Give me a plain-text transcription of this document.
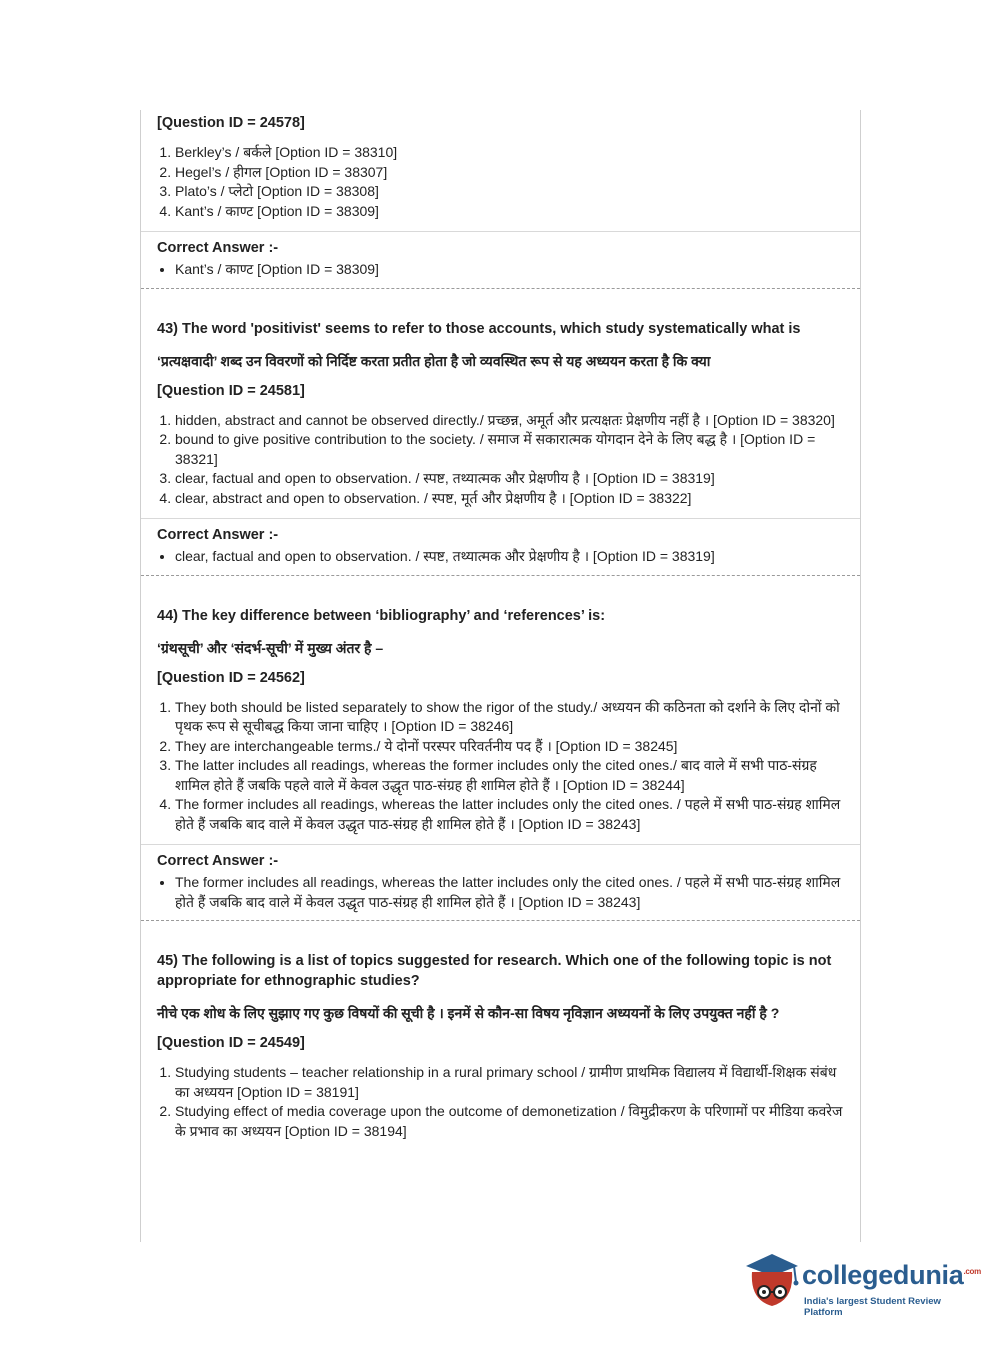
[Question ID = 24578]
1. Berkley’s / बर्कले [Option ID = 38310]
2. Hegel’s / हीगल [Option ID = 38307]
3. Plato’s / प्लेटो [Option ID = 38308]
4. Kant’s / काण्ट [Option ID = 38309]
Correct Answer :-
• Kant’s / काण्ट [Option ID = 38309]
43) The word 'positivist' seems to refer to those accounts, which study systematically what is
‘प्रत्यक्षवादी’ शब्द उन विवरणों को निर्दिष्ट करता प्रतीत होता है जो व्यवस्थित रूप से यह अध्ययन करता है कि क्या
[Question ID = 24581]
1. hidden, abstract and cannot be observed directly./ प्रच्छन्न, अमूर्त और प्रत्यक्षतः प्रेक्षणीय नहीं है । [Option ID = 38320]
2. bound to give positive contribution to the society. / समाज में सकारात्मक योगदान देने के लिए बद्ध है । [Option ID = 38321]
3. clear, factual and open to observation. / स्पष्ट, तथ्यात्मक और प्रेक्षणीय है । [Option ID = 38319]
4. clear, abstract and open to observation. / स्पष्ट, मूर्त और प्रेक्षणीय है । [Option ID = 38322]
Correct Answer :-
• clear, factual and open to observation. / स्पष्ट, तथ्यात्मक और प्रेक्षणीय है । [Option ID = 38319]
44) The key difference between ‘bibliography’ and ‘references’ is:
‘ग्रंथसूची’ और ‘संदर्भ-सूची’ में मुख्य अंतर है –
[Question ID = 24562]
1. They both should be listed separately to show the rigor of the study./ अध्ययन की कठिनता को दर्शाने के लिए दोनों को पृथक रूप से सूचीबद्ध किया जाना चाहिए । [Option ID = 38246]
2. They are interchangeable terms./ ये दोनों परस्पर परिवर्तनीय पद हैं । [Option ID = 38245]
3. The latter includes all readings, whereas the former includes only the cited ones./ बाद वाले में सभी पाठ-संग्रह शामिल होते हैं जबकि पहले वाले में केवल उद्धृत पाठ-संग्रह ही शामिल होते हैं । [Option ID = 38244]
4. The former includes all readings, whereas the latter includes only the cited ones. / पहले में सभी पाठ-संग्रह शामिल होते हैं जबकि बाद वाले में केवल उद्धृत पाठ-संग्रह ही शामिल होते हैं । [Option ID = 38243]
Correct Answer :-
• The former includes all readings, whereas the latter includes only the cited ones. / पहले में सभी पाठ-संग्रह शामिल होते हैं जबकि बाद वाले में केवल उद्धृत पाठ-संग्रह ही शामिल होते हैं । [Option ID = 38243]
45) The following is a list of topics suggested for research. Which one of the following topic is not appropriate for ethnographic studies?
नीचे एक शोध के लिए सुझाए गए कुछ विषयों की सूची है । इनमें से कौन-सा विषय नृविज्ञान अध्ययनों के लिए उपयुक्त नहीं है ?
[Question ID = 24549]
1. Studying students – teacher relationship in a rural primary school / ग्रामीण प्राथमिक विद्यालय में विद्यार्थी-शिक्षक संबंध का अध्ययन [Option ID = 38191]
2. Studying effect of media coverage upon the outcome of demonetization / विमुद्रीकरण के परिणामों पर मीडिया कवरेज के प्रभाव का अध्ययन [Option ID = 38194]
collegedunia$^{.com}$
India's largest Student Review Platform
